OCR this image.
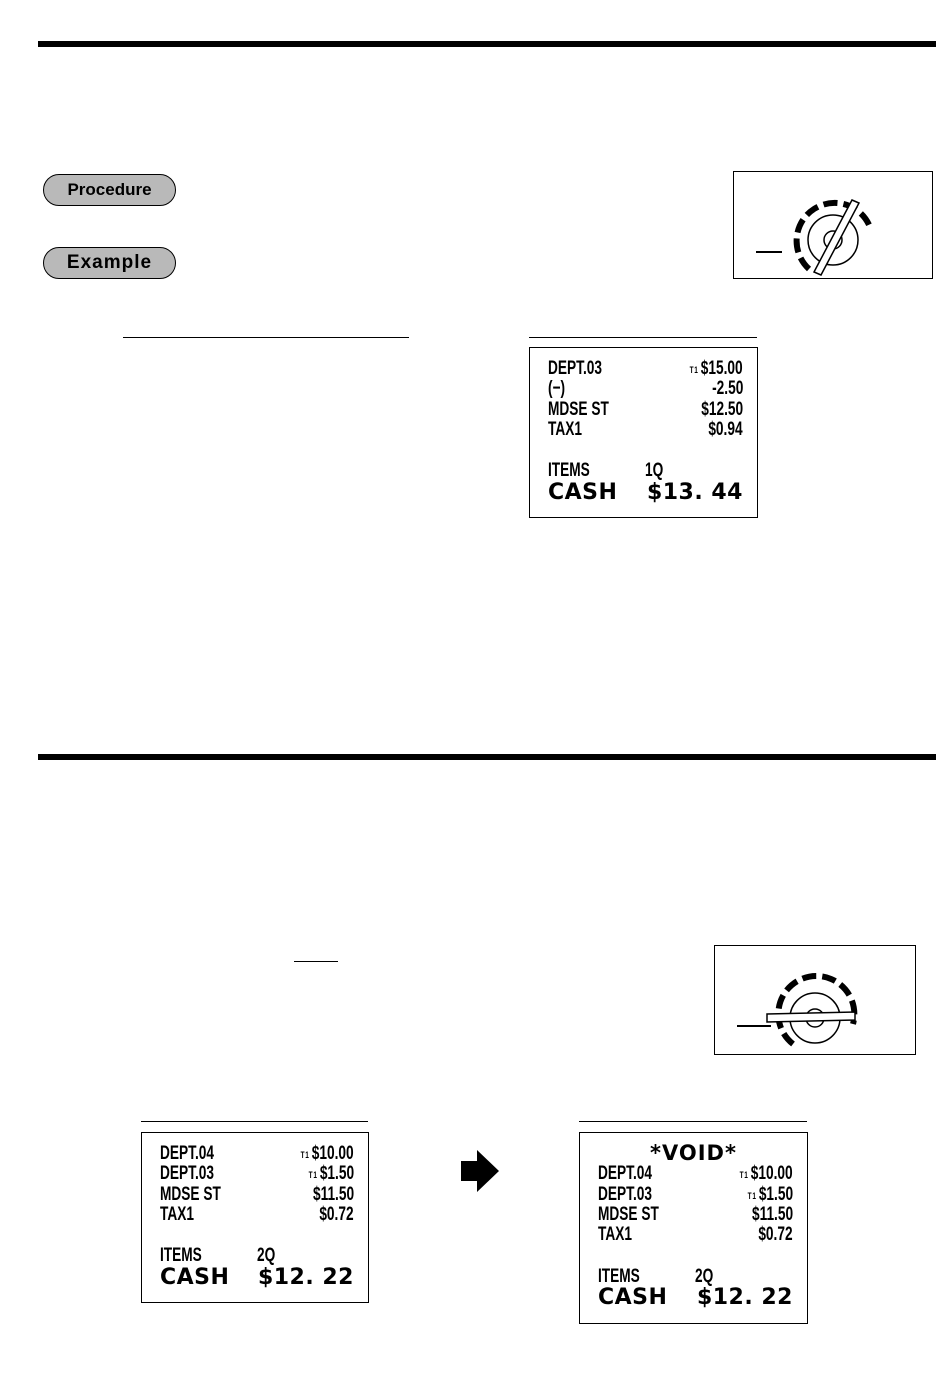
Procedure
Example
DEPT.03	T1 $15.00
(−)	-2.50
MDSE ST	$12.50
TAX1	$0.94
ITEMS	1Q
CASH $13. 44
DEPT.04	T1 $10.00
DEPT.03	T1 $1.50
MDSE ST	$11.50
TAX1	$0.72
ITEMS	2Q
CASH $12. 22
*VOID*
DEPT.04	T1 $10.00
DEPT.03	T1 $1.50
MDSE ST	$11.50
TAX1	$0.72
ITEMS	2Q
CASH $12. 22
